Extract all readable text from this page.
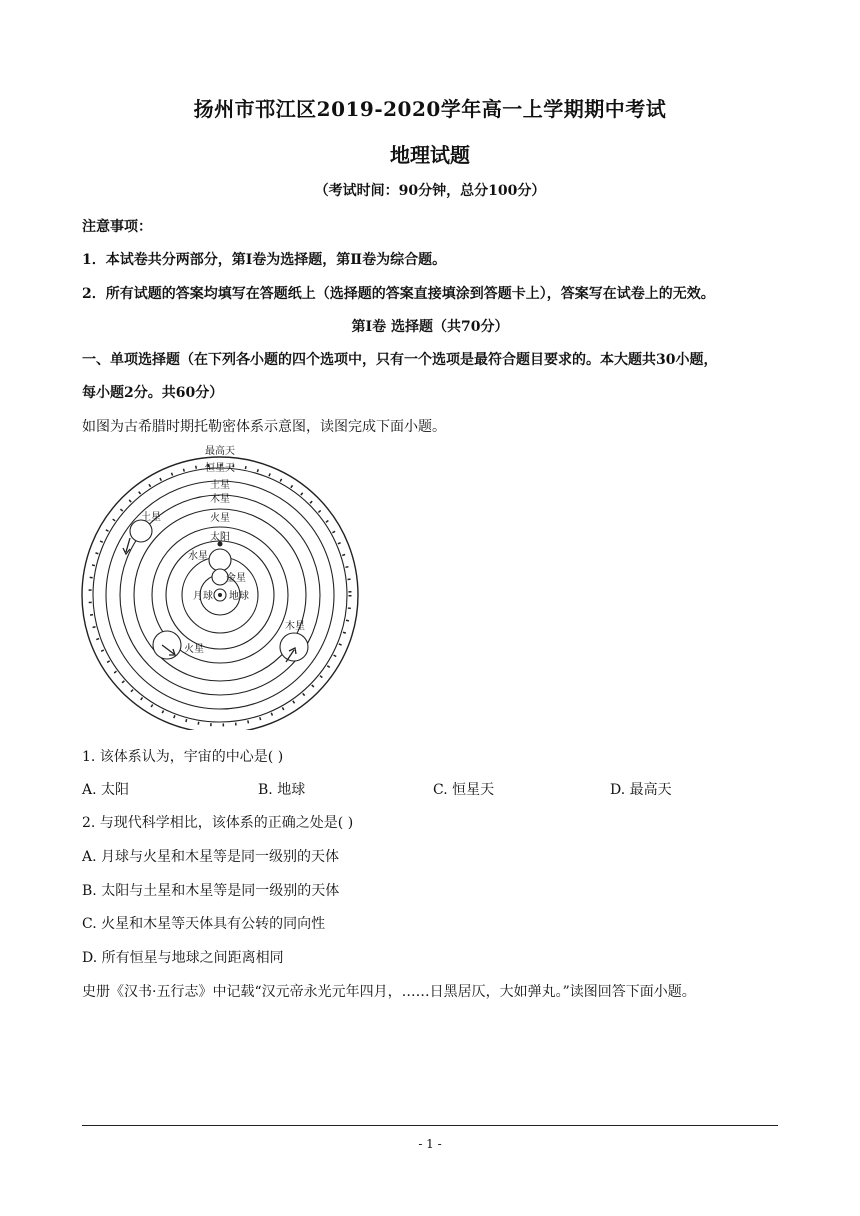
扬州市邗江区2019-2020学年高一上学期期中考试
地理试题
（考试时间：90分钟，总分100分）
注意事项：
1．本试卷共分两部分，第Ⅰ卷为选择题，第Ⅱ卷为综合题。
2．所有试题的答案均填写在答题纸上（选择题的答案直接填涂到答题卡上），答案写在试卷上的无效。
第Ⅰ卷 选择题（共70分）
一、单项选择题（在下列各小题的四个选项中，只有一个选项是最符合题目要求的。本大题共30小题，
每小题2分。共60分）
如图为古希腊时期托勒密体系示意图，读图完成下面小题。
最高天
恒星天
土星
木星
火星
太阳
水星
金星
月球 地球
土星
火星
木星
1. 该体系认为，宇宙的中心是( )
A. 太阳	B. 地球	C. 恒星天	D. 最高天
2. 与现代科学相比，该体系的正确之处是( )
A. 月球与火星和木星等是同一级别的天体
B. 太阳与土星和木星等是同一级别的天体
C. 火星和木星等天体具有公转的同向性
D. 所有恒星与地球之间距离相同
史册《汉书·五行志》中记载“汉元帝永光元年四月，……日黑居仄，大如弹丸。”读图回答下面小题。
- 1 -
